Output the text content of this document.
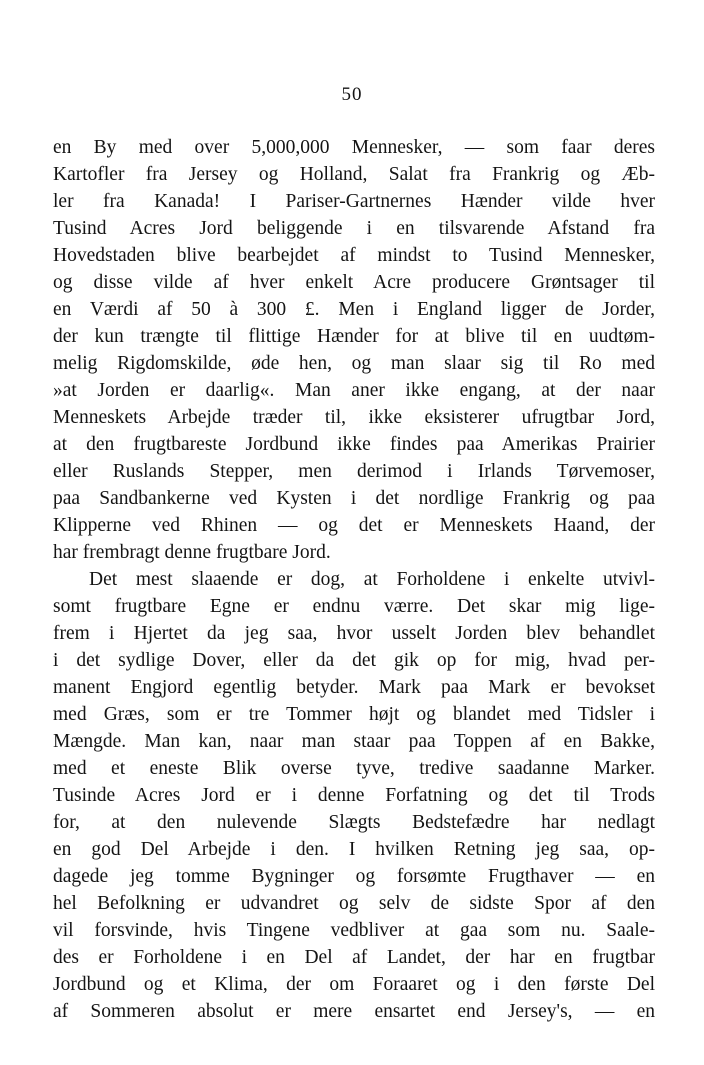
50
en By med over 5,000,000 Mennesker, — som faar deres
Kartofler fra Jersey og Holland, Salat fra Frankrig og Æb-
ler fra Kanada! I Pariser-Gartnernes Hænder vilde hver
Tusind Acres Jord beliggende i en tilsvarende Afstand fra
Hovedstaden blive bearbejdet af mindst to Tusind Mennesker,
og disse vilde af hver enkelt Acre producere Grøntsager til
en Værdi af 50 à 300 £. Men i England ligger de Jorder,
der kun trængte til flittige Hænder for at blive til en uudtøm-
melig Rigdomskilde, øde hen, og man slaar sig til Ro med
»at Jorden er daarlig«. Man aner ikke engang, at der naar
Menneskets Arbejde træder til, ikke eksisterer ufrugtbar Jord,
at den frugtbareste Jordbund ikke findes paa Amerikas Prairier
eller Ruslands Stepper, men derimod i Irlands Tørvemoser,
paa Sandbankerne ved Kysten i det nordlige Frankrig og paa
Klipperne ved Rhinen — og det er Menneskets Haand, der
har frembragt denne frugtbare Jord.
Det mest slaaende er dog, at Forholdene i enkelte utvivl-
somt frugtbare Egne er endnu værre. Det skar mig lige-
frem i Hjertet da jeg saa, hvor usselt Jorden blev behandlet
i det sydlige Dover, eller da det gik op for mig, hvad per-
manent Engjord egentlig betyder. Mark paa Mark er bevokset
med Græs, som er tre Tommer højt og blandet med Tidsler i
Mængde. Man kan, naar man staar paa Toppen af en Bakke,
med et eneste Blik overse tyve, tredive saadanne Marker.
Tusinde Acres Jord er i denne Forfatning og det til Trods
for, at den nulevende Slægts Bedstefædre har nedlagt
en god Del Arbejde i den. I hvilken Retning jeg saa, op-
dagede jeg tomme Bygninger og forsømte Frugthaver — en
hel Befolkning er udvandret og selv de sidste Spor af den
vil forsvinde, hvis Tingene vedbliver at gaa som nu. Saale-
des er Forholdene i en Del af Landet, der har en frugtbar
Jordbund og et Klima, der om Foraaret og i den første Del
af Sommeren absolut er mere ensartet end Jersey's, — en
